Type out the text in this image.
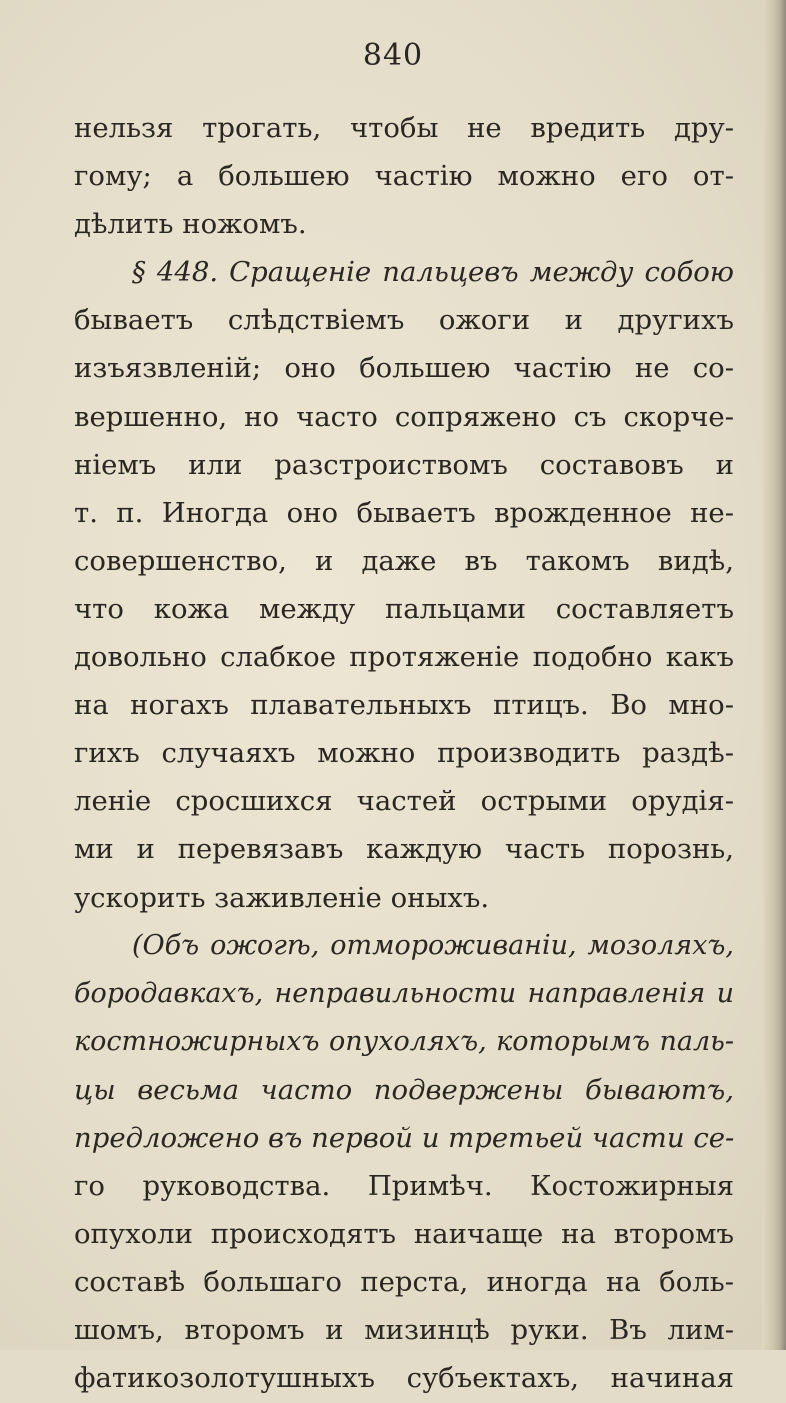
840
нельзя трогать, чтобы не вредить дру-
гому; а большею частію можно его от-
дѣлить ножомъ.
§ 448. Сращеніе пальцевъ между собою
бываетъ слѣдствіемъ ожоги и другихъ
изъязвленій; оно большею частію не со-
вершенно, но часто сопряжено съ скорче-
ніемъ или разстроиствомъ составовъ и
т. п. Иногда оно бываетъ врожденное не-
совершенство, и даже въ такомъ видѣ,
что кожа между пальцами составляетъ
довольно слабкое протяженіе подобно какъ
на ногахъ плавательныхъ птицъ. Во мно-
гихъ случаяхъ можно производить раздѣ-
леніе сросшихся частей острыми орудія-
ми и перевязавъ каждую часть порознь,
ускорить заживленіе оныхъ.
(Объ ожогѣ, отмороживаніи, мозоляхъ,
бородавкахъ, неправильности направленія и
костножирныхъ опухоляхъ, которымъ паль-
цы весьма часто подвержены бываютъ,
предложено въ первой и третьей части се-
го руководства. Примѣч. Костожирныя
опухоли происходятъ наичаще на второмъ
составѣ большаго перста, иногда на боль-
шомъ, второмъ и мизинцѣ руки. Въ лим-
фатикозолотушныхъ субъектахъ, начиная
